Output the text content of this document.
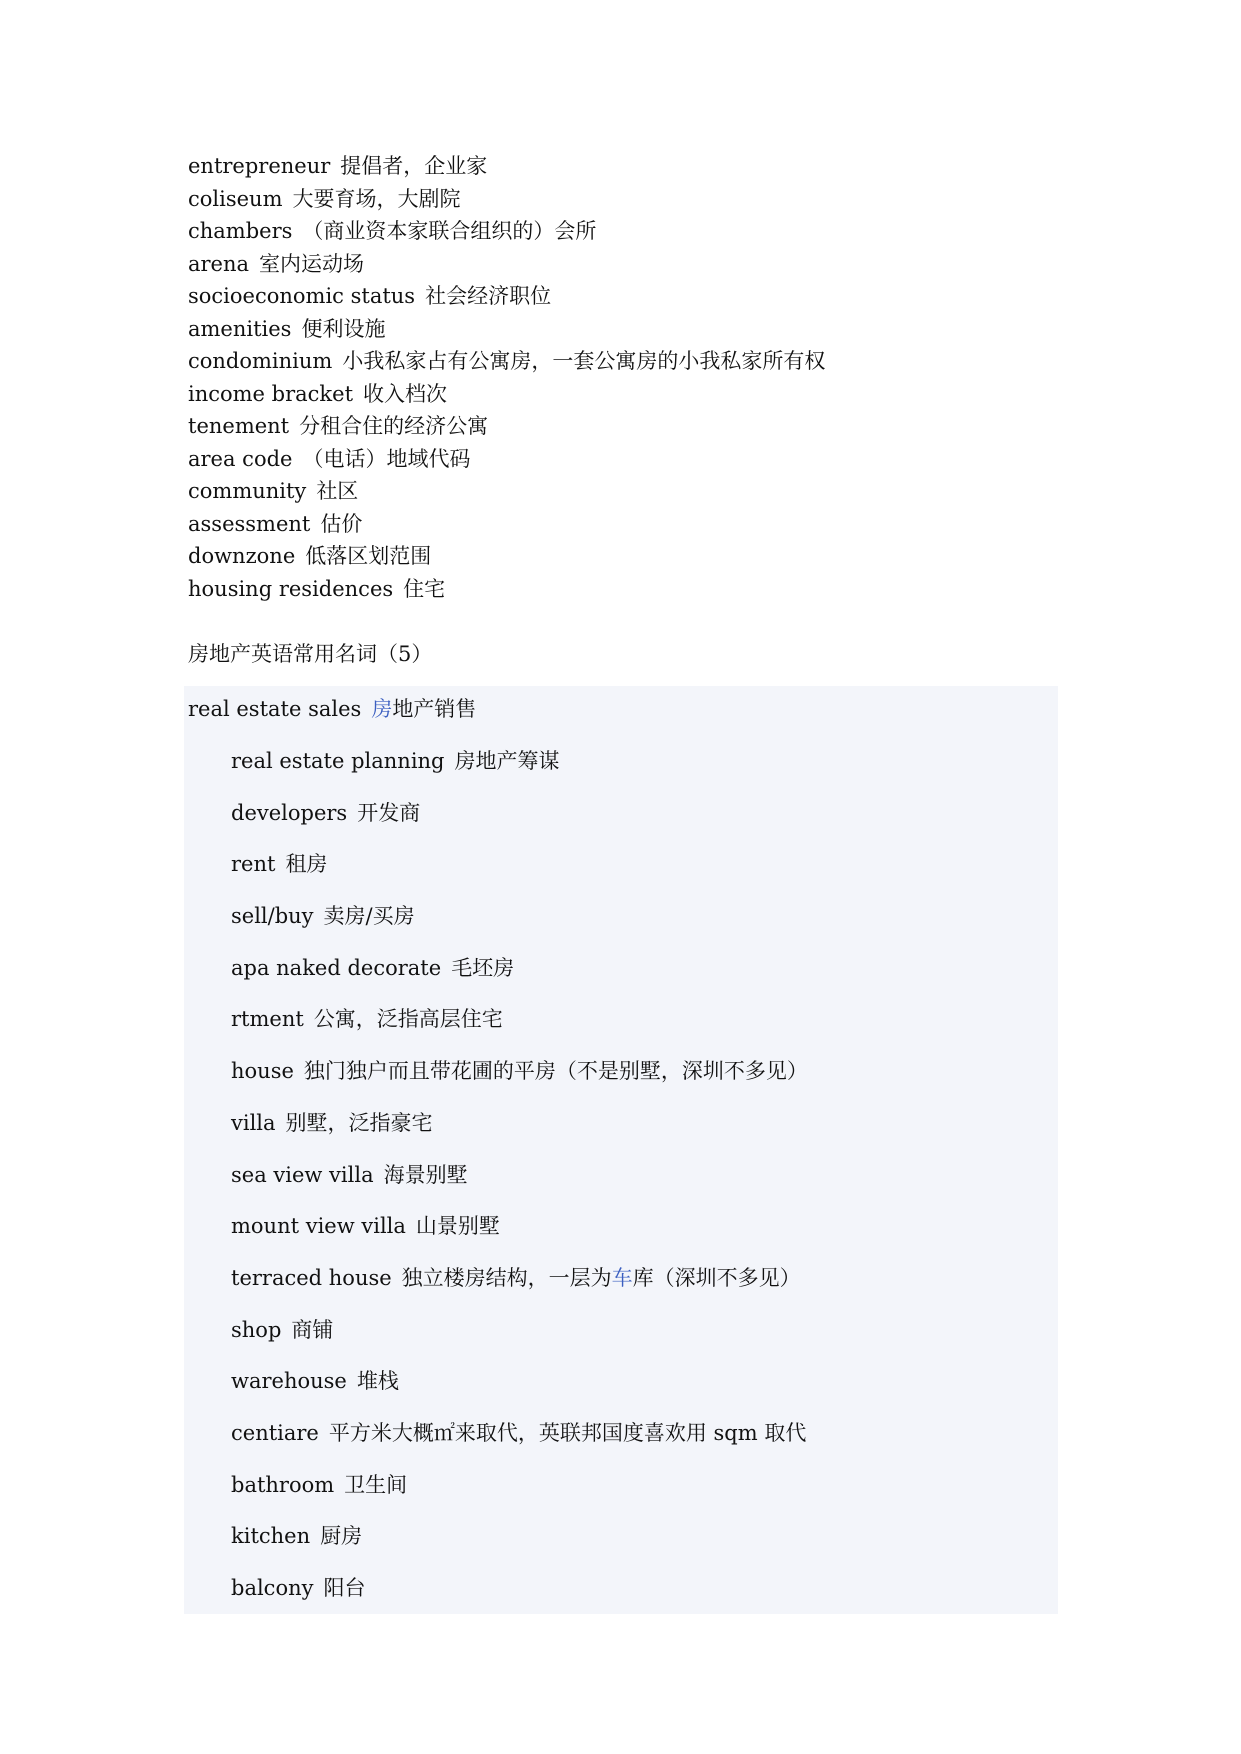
entrepreneur 提倡者，企业家
coliseum 大要育场，大剧院
chambers （商业资本家联合组织的）会所
arena 室内运动场
socioeconomic status 社会经济职位
amenities 便利设施
condominium 小我私家占有公寓房，一套公寓房的小我私家所有权
income bracket 收入档次
tenement 分租合住的经济公寓
area code （电话）地域代码
community 社区
assessment 估价
downzone 低落区划范围
housing residences 住宅
房地产英语常用名词（5）
real estate sales 房地产销售
real estate planning 房地产筹谋
developers 开发商
rent 租房
sell/buy 卖房/买房
apa naked decorate 毛坯房
rtment 公寓，泛指高层住宅
house 独门独户而且带花圃的平房（不是别墅，深圳不多见）
villa 别墅，泛指豪宅
sea view villa 海景别墅
mount view villa 山景别墅
terraced house 独立楼房结构，一层为车库（深圳不多见）
shop 商铺
warehouse 堆栈
centiare 平方米大概㎡来取代，英联邦国度喜欢用 sqm 取代
bathroom 卫生间
kitchen 厨房
balcony 阳台
